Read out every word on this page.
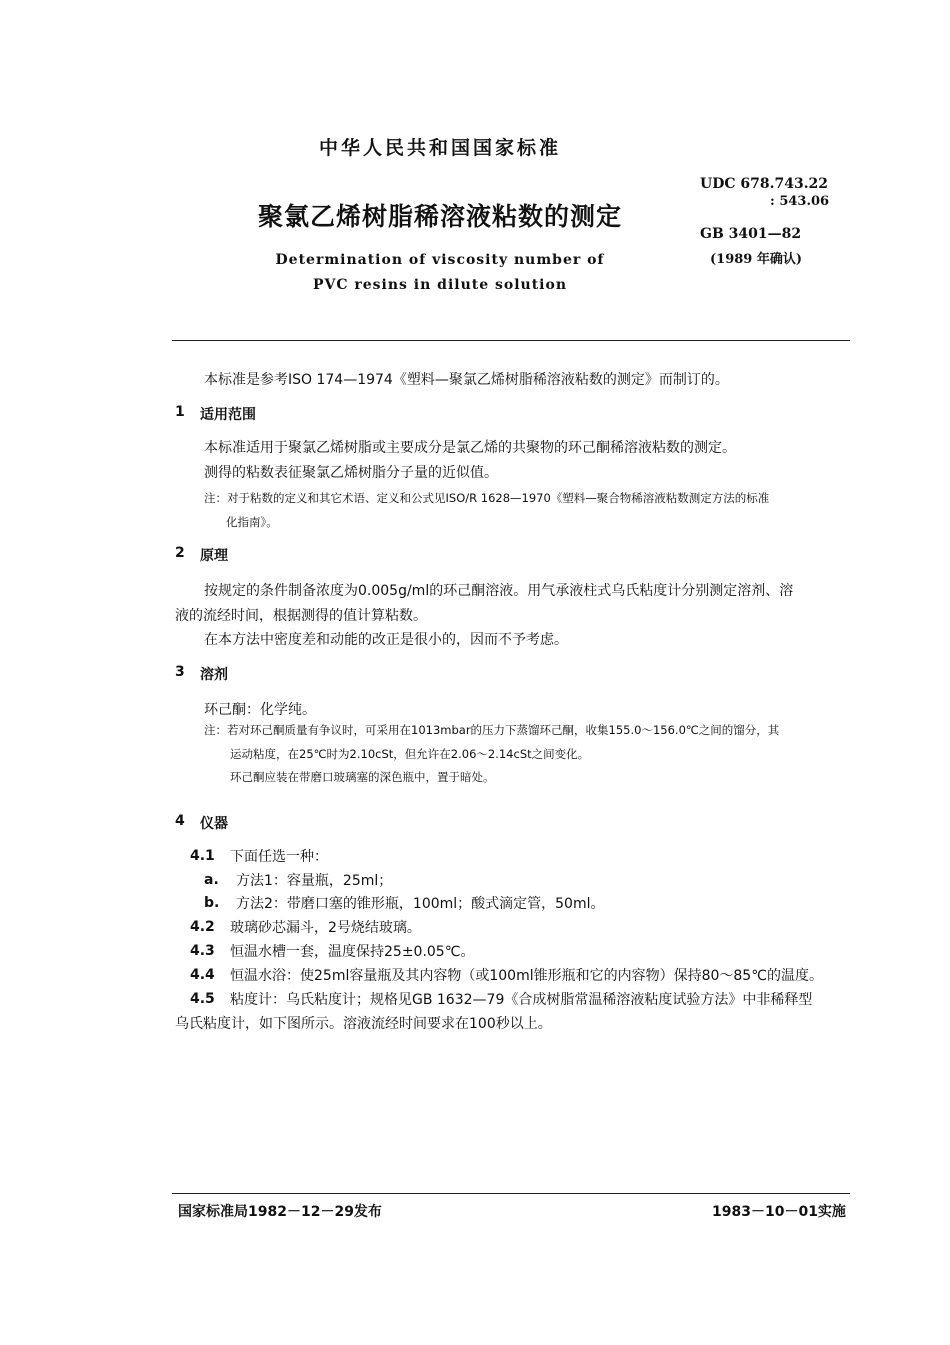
中华人民共和国国家标准
聚氯乙烯树脂稀溶液粘数的测定
Determination of viscosity number of
PVC resins in dilute solution
UDC 678.743.22
: 543.06
GB 3401—82
(1989 年确认)
本标准是参考ISO 174—1974《塑料—聚氯乙烯树脂稀溶液粘数的测定》而制订的。
1 适用范围
本标准适用于聚氯乙烯树脂或主要成分是氯乙烯的共聚物的环己酮稀溶液粘数的测定。
测得的粘数表征聚氯乙烯树脂分子量的近似值。
注：对于粘数的定义和其它术语、定义和公式见ISO/R 1628—1970《塑料—聚合物稀溶液粘数测定方法的标准
化指南》。
2 原理
按规定的条件制备浓度为0.005g/ml的环己酮溶液。用气承液柱式乌氏粘度计分别测定溶剂、溶
液的流经时间，根据测得的值计算粘数。
在本方法中密度差和动能的改正是很小的，因而不予考虑。
3 溶剂
环己酮：化学纯。
注：若对环己酮质量有争议时，可采用在1013mbar的压力下蒸馏环己酮，收集155.0～156.0℃之间的馏分，其
运动粘度，在25℃时为2.10cSt，但允许在2.06～2.14cSt之间变化。
环己酮应装在带磨口玻璃塞的深色瓶中，置于暗处。
4 仪器
4.1 下面任选一种：
a. 方法1：容量瓶，25ml；
b. 方法2：带磨口塞的锥形瓶，100ml；酸式滴定管，50ml。
4.2 玻璃砂芯漏斗，2号烧结玻璃。
4.3 恒温水槽一套，温度保持25±0.05℃。
4.4 恒温水浴：使25ml容量瓶及其内容物（或100ml锥形瓶和它的内容物）保持80～85℃的温度。
4.5 粘度计：乌氏粘度计；规格见GB 1632—79《合成树脂常温稀溶液粘度试验方法》中非稀释型
乌氏粘度计，如下图所示。溶液流经时间要求在100秒以上。
国家标准局1982－12－29发布	1983－10－01实施
